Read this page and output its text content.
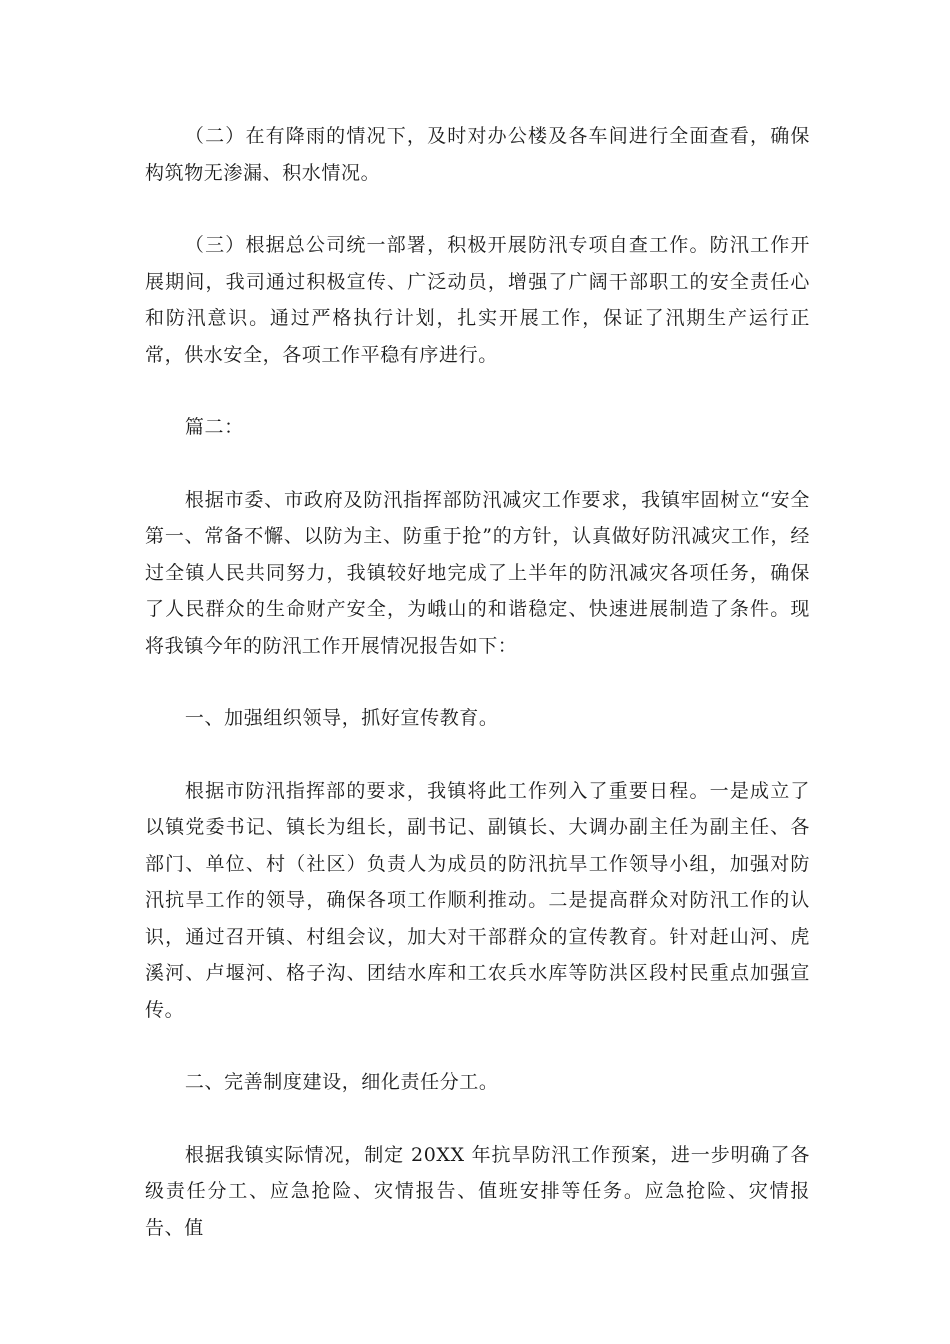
（二）在有降雨的情况下，及时对办公楼及各车间进行全面查看，确保构筑物无渗漏、积水情况。

（三）根据总公司统一部署，积极开展防汛专项自查工作。防汛工作开展期间，我司通过积极宣传、广泛动员，增强了广阔干部职工的安全责任心和防汛意识。通过严格执行计划，扎实开展工作，保证了汛期生产运行正常，供水安全，各项工作平稳有序进行。

篇二：

根据市委、市政府及防汛指挥部防汛减灾工作要求，我镇牢固树立“安全第一、常备不懈、以防为主、防重于抢”的方针，认真做好防汛减灾工作，经过全镇人民共同努力，我镇较好地完成了上半年的防汛减灾各项任务，确保了人民群众的生命财产安全，为峨山的和谐稳定、快速进展制造了条件。现将我镇今年的防汛工作开展情况报告如下：

一、加强组织领导，抓好宣传教育。

根据市防汛指挥部的要求，我镇将此工作列入了重要日程。一是成立了以镇党委书记、镇长为组长，副书记、副镇长、大调办副主任为副主任、各部门、单位、村（社区）负责人为成员的防汛抗旱工作领导小组，加强对防汛抗旱工作的领导，确保各项工作顺利推动。二是提高群众对防汛工作的认识，通过召开镇、村组会议，加大对干部群众的宣传教育。针对赶山河、虎溪河、卢堰河、格子沟、团结水库和工农兵水库等防洪区段村民重点加强宣传。

二、完善制度建设，细化责任分工。

根据我镇实际情况，制定 20XX 年抗旱防汛工作预案，进一步明确了各级责任分工、应急抢险、灾情报告、值班安排等任务。应急抢险、灾情报告、值
